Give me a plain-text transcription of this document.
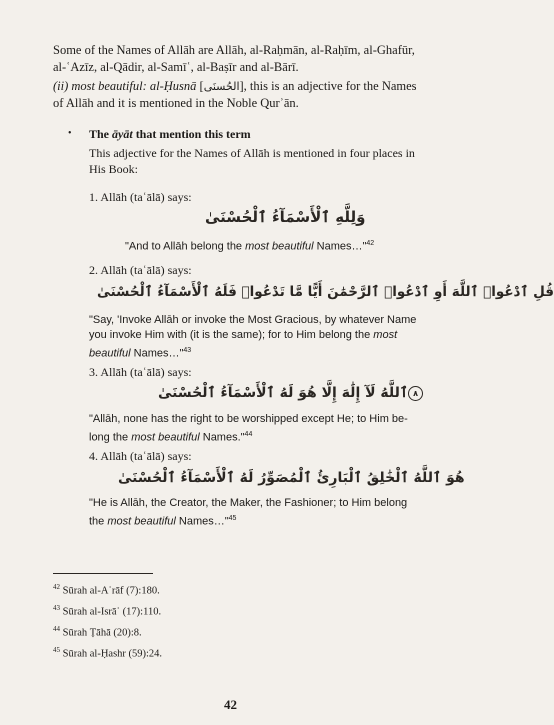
Some of the Names of Allāh are Allāh, al-Raḥmān, al-Raḥīm, al-Ghafūr, al-ʿAzīz, al-Qādir, al-Samīʿ, al-Baṣīr and al-Bārī.

(ii) most beautiful: al-Ḥusnā [الحُسنَى], this is an adjective for the Names of Allāh and it is mentioned in the Noble Qurʾān.

• The āyāt that mention this term

This adjective for the Names of Allāh is mentioned in four places in His Book:

1. Allāh (taʿālā) says:

وَلِلَّهِ ٱلْأَسْمَآءُ ٱلْحُسْنَىٰ

"And to Allāh belong the most beautiful Names…"$^{42}$

2. Allāh (taʿālā) says:

قُلِ ٱدْعُوا۟ ٱللَّهَ أَوِ ٱدْعُوا۟ ٱلرَّحْمَٰنَ أَيًّا مَّا تَدْعُوا۟ فَلَهُ ٱلْأَسْمَآءُ ٱلْحُسْنَىٰ

"Say, 'Invoke Allāh or invoke the Most Gracious, by whatever Name
you invoke Him with (it is the same); for to Him belong the most
beautiful Names…"$^{43}$

3. Allāh (taʿālā) says:

٨ٱللَّهُ لَآ إِلَٰهَ إِلَّا هُوَ لَهُ ٱلْأَسْمَآءُ ٱلْحُسْنَىٰ

"Allāh, none has the right to be worshipped except He; to Him be-
long the most beautiful Names."$^{44}$

4. Allāh (taʿālā) says:

هُوَ ٱللَّهُ ٱلْخَٰلِقُ ٱلْبَارِئُ ٱلْمُصَوِّرُ لَهُ ٱلْأَسْمَآءُ ٱلْحُسْنَىٰ

"He is Allāh, the Creator, the Maker, the Fashioner; to Him belong
the most beautiful Names…"$^{45}$

$^{42}$ Sūrah al-Aʿrāf (7):180.
$^{43}$ Sūrah al-Isrāʾ (17):110.
$^{44}$ Sūrah Ṭāhā (20):8.
$^{45}$ Sūrah al-Ḥashr (59):24.
42
